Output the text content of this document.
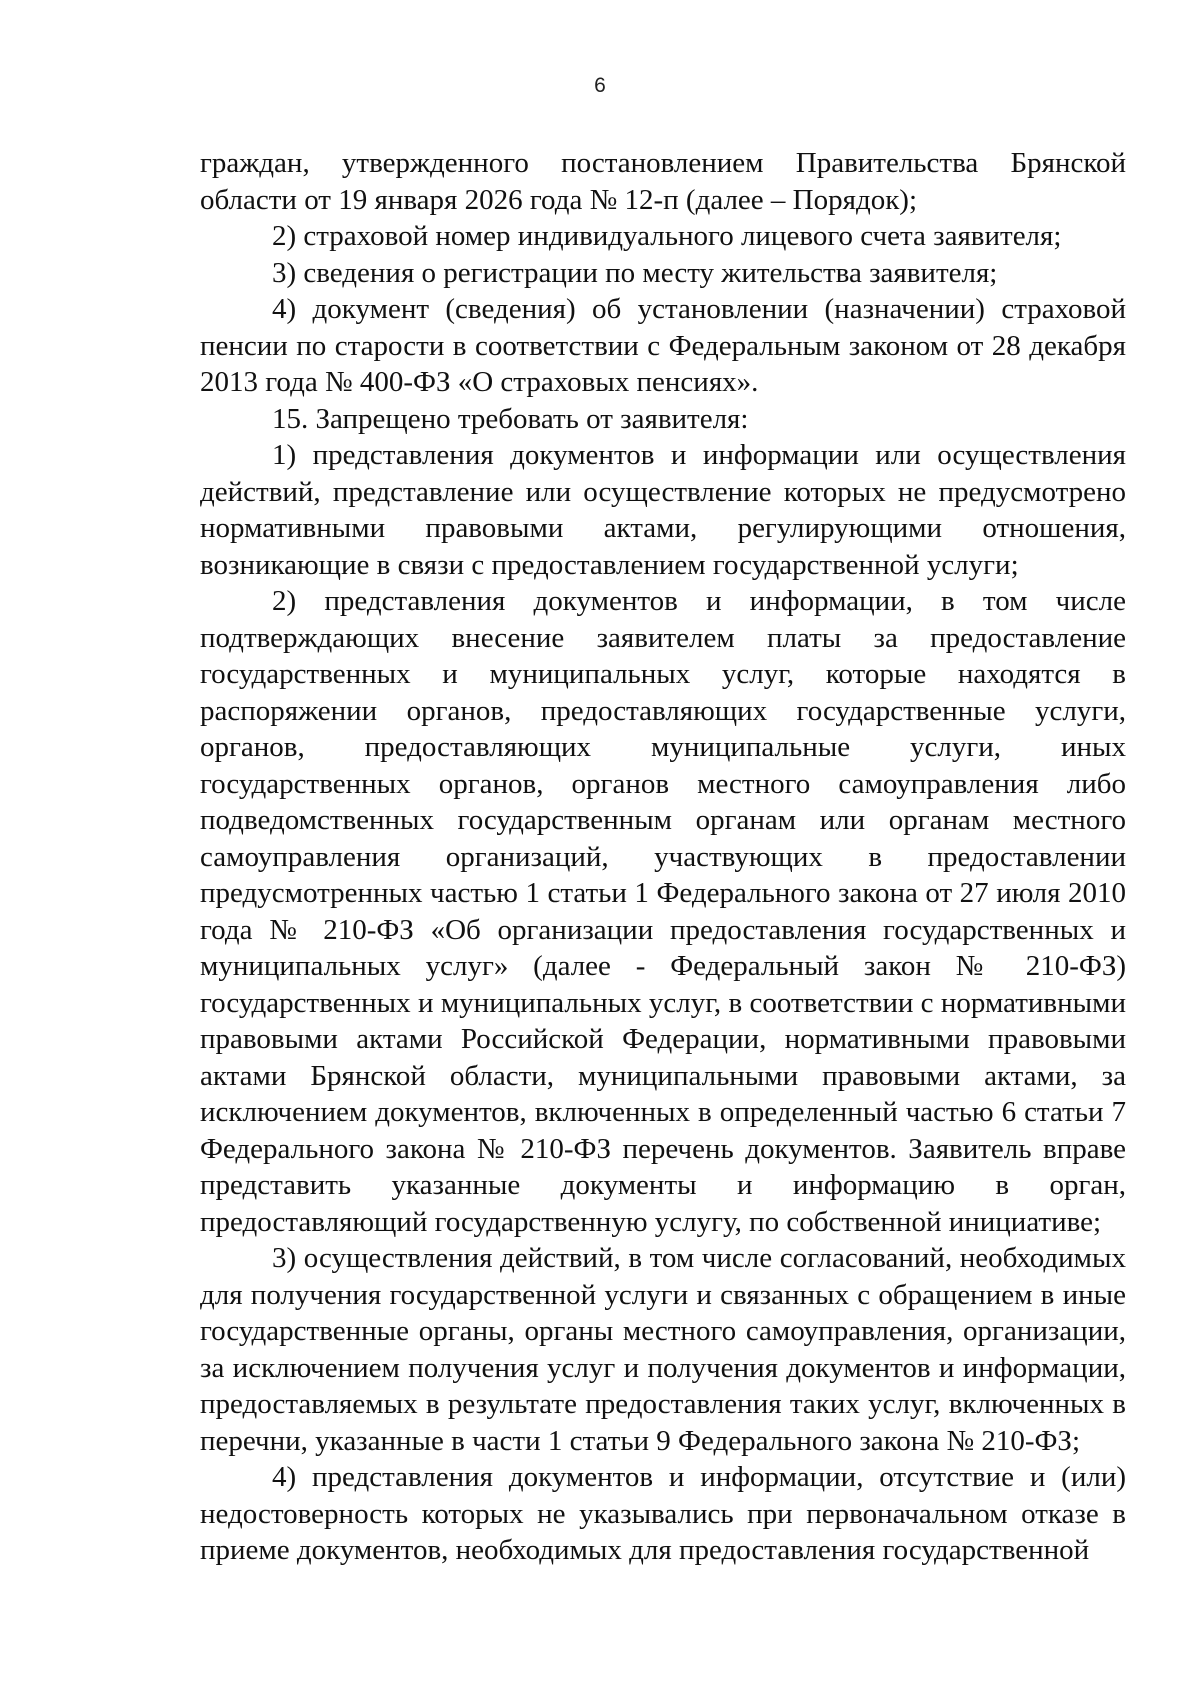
6

граждан, утвержденного постановлением Правительства Брянской области от 19 января 2026 года № 12-п (далее – Порядок);

2) страховой номер индивидуального лицевого счета заявителя;

3) сведения о регистрации по месту жительства заявителя;

4) документ (сведения) об установлении (назначении) страховой пенсии по старости в соответствии с Федеральным законом от 28 декабря 2013 года № 400-ФЗ «О страховых пенсиях».

15. Запрещено требовать от заявителя:

1) представления документов и информации или осуществления действий, представление или осуществление которых не предусмотрено нормативными правовыми актами, регулирующими отношения, возникающие в связи с предоставлением государственной услуги;

2) представления документов и информации, в том числе подтверждающих внесение заявителем платы за предоставление государственных и муниципальных услуг, которые находятся в распоряжении органов, предоставляющих государственные услуги, органов, предоставляющих муниципальные услуги, иных государственных органов, органов местного самоуправления либо подведомственных государственным органам или органам местного самоуправления организаций, участвующих в предоставлении предусмотренных частью 1 статьи 1 Федерального закона от 27 июля 2010 года № 210-ФЗ «Об организации предоставления государственных и муниципальных услуг» (далее - Федеральный закон № 210-ФЗ) государственных и муниципальных услуг, в соответствии с нормативными правовыми актами Российской Федерации, нормативными правовыми актами Брянской области, муниципальными правовыми актами, за исключением документов, включенных в определенный частью 6 статьи 7 Федерального закона № 210-ФЗ перечень документов. Заявитель вправе представить указанные документы и информацию в орган, предоставляющий государственную услугу, по собственной инициативе;

3) осуществления действий, в том числе согласований, необходимых для получения государственной услуги и связанных с обращением в иные государственные органы, органы местного самоуправления, организации, за исключением получения услуг и получения документов и информации, предоставляемых в результате предоставления таких услуг, включенных в перечни, указанные в части 1 статьи 9 Федерального закона № 210-ФЗ;

4) представления документов и информации, отсутствие и (или) недостоверность которых не указывались при первоначальном отказе в приеме документов, необходимых для предоставления государственной
